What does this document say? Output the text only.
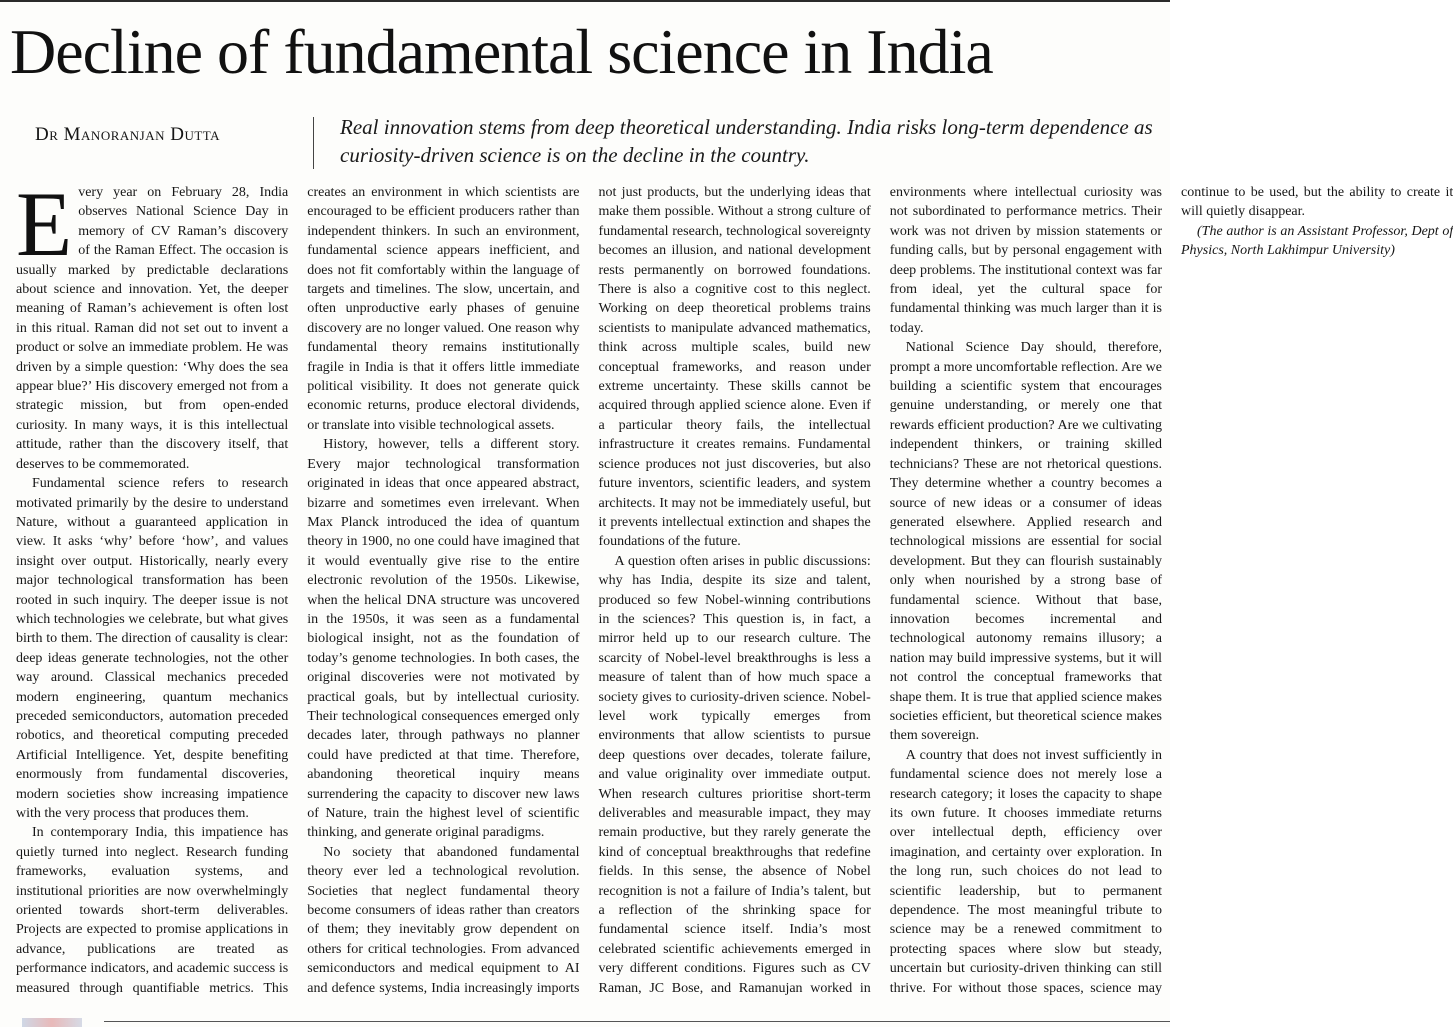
Decline of fundamental science in India
Dr Manoranjan Dutta	Real innovation stems from deep theoretical understanding. India risks long-term dependence as curiosity-driven science is on the decline in the country.

Every year on February 28, India observes National Science Day in memory of CV Raman’s discovery of the Raman Effect. The occasion is usually marked by predictable declarations about science and innovation. Yet, the deeper meaning of Raman’s achievement is often lost in this ritual. Raman did not set out to invent a product or solve an immediate problem. He was driven by a simple question: ‘Why does the sea appear blue?’ His discovery emerged not from a strategic mission, but from open-ended curiosity. In many ways, it is this intellectual attitude, rather than the discovery itself, that deserves to be commemorated.

Fundamental science refers to research motivated primarily by the desire to understand Nature, without a guaranteed application in view. It asks ‘why’ before ‘how’, and values insight over output. Historically, nearly every major technological transformation has been rooted in such inquiry. The deeper issue is not which technologies we celebrate, but what gives birth to them. The direction of causality is clear: deep ideas generate technologies, not the other way around. Classical mechanics preceded modern engineering, quantum mechanics preceded semiconductors, automation preceded robotics, and theoretical computing preceded Artificial Intelligence. Yet, despite benefiting enormously from fundamental discoveries, modern societies show increasing impatience with the very process that produces them.

In contemporary India, this impatience has quietly turned into neglect. Research funding frameworks, evaluation systems, and institutional priorities are now overwhelmingly oriented towards short-term deliverables. Projects are expected to promise applications in advance, publications are treated as performance indicators, and academic success is measured through quantifiable metrics. This creates an environment in which scientists are encouraged to be efficient producers rather than independent thinkers. In such an environment, fundamental science appears inefficient, and does not fit comfortably within the language of targets and timelines. The slow, uncertain, and often unproductive early phases of genuine discovery are no longer valued. One reason why fundamental theory remains institutionally fragile in India is that it offers little immediate political visibility. It does not generate quick economic returns, produce electoral dividends, or translate into visible technological assets.

History, however, tells a different story. Every major technological transformation originated in ideas that once appeared abstract, bizarre and sometimes even irrelevant. When Max Planck introduced the idea of quantum theory in 1900, no one could have imagined that it would eventually give rise to the entire electronic revolution of the 1950s. Likewise, when the helical DNA structure was uncovered in the 1950s, it was seen as a fundamental biological insight, not as the foundation of today’s genome technologies. In both cases, the original discoveries were not motivated by practical goals, but by intellectual curiosity. Their technological consequences emerged only decades later, through pathways no planner could have predicted at that time. Therefore, abandoning theoretical inquiry means surrendering the capacity to discover new laws of Nature, train the highest level of scientific thinking, and generate original paradigms.

No society that abandoned fundamental theory ever led a technological revolution. Societies that neglect fundamental theory become consumers of ideas rather than creators of them; they inevitably grow dependent on others for critical technologies. From advanced semiconductors and medical equipment to AI and defence systems, India increasingly imports not just products, but the underlying ideas that make them possible. Without a strong culture of fundamental research, technological sovereignty becomes an illusion, and national development rests permanently on borrowed foundations. There is also a cognitive cost to this neglect. Working on deep theoretical problems trains scientists to manipulate advanced mathematics, think across multiple scales, build new conceptual frameworks, and reason under extreme uncertainty. These skills cannot be acquired through applied science alone. Even if a particular theory fails, the intellectual infrastructure it creates remains. Fundamental science produces not just discoveries, but also future inventors, scientific leaders, and system architects. It may not be immediately useful, but it prevents intellectual extinction and shapes the foundations of the future.

A question often arises in public discussions: why has India, despite its size and talent, produced so few Nobel-winning contributions in the sciences? This question is, in fact, a mirror held up to our research culture. The scarcity of Nobel-level breakthroughs is less a measure of talent than of how much space a society gives to curiosity-driven science. Nobel-level work typically emerges from environments that allow scientists to pursue deep questions over decades, tolerate failure, and value originality over immediate output. When research cultures prioritise short-term deliverables and measurable impact, they may remain productive, but they rarely generate the kind of conceptual breakthroughs that redefine fields. In this sense, the absence of Nobel recognition is not a failure of India’s talent, but a reflection of the shrinking space for fundamental science itself. India’s most celebrated scientific achievements emerged in very different conditions. Figures such as CV Raman, JC Bose, and Ramanujan worked in environments where intellectual curiosity was not subordinated to performance metrics. Their work was not driven by mission statements or funding calls, but by personal engagement with deep problems. The institutional context was far from ideal, yet the cultural space for fundamental thinking was much larger than it is today.

National Science Day should, therefore, prompt a more uncomfortable reflection. Are we building a scientific system that encourages genuine understanding, or merely one that rewards efficient production? Are we cultivating independent thinkers, or training skilled technicians? These are not rhetorical questions. They determine whether a country becomes a source of new ideas or a consumer of ideas generated elsewhere. Applied research and technological missions are essential for social development. But they can flourish sustainably only when nourished by a strong base of fundamental science. Without that base, innovation becomes incremental and technological autonomy remains illusory; a nation may build impressive systems, but it will not control the conceptual frameworks that shape them. It is true that applied science makes societies efficient, but theoretical science makes them sovereign.

A country that does not invest sufficiently in fundamental science does not merely lose a research category; it loses the capacity to shape its own future. It chooses immediate returns over intellectual depth, efficiency over imagination, and certainty over exploration. In the long run, such choices do not lead to scientific leadership, but to permanent dependence. The most meaningful tribute to science may be a renewed commitment to protecting spaces where slow but steady, uncertain but curiosity-driven thinking can still thrive. For without those spaces, science may continue to be used, but the ability to create it will quietly disappear.

(The author is an Assistant Professor, Dept of Physics, North Lakhimpur University)
